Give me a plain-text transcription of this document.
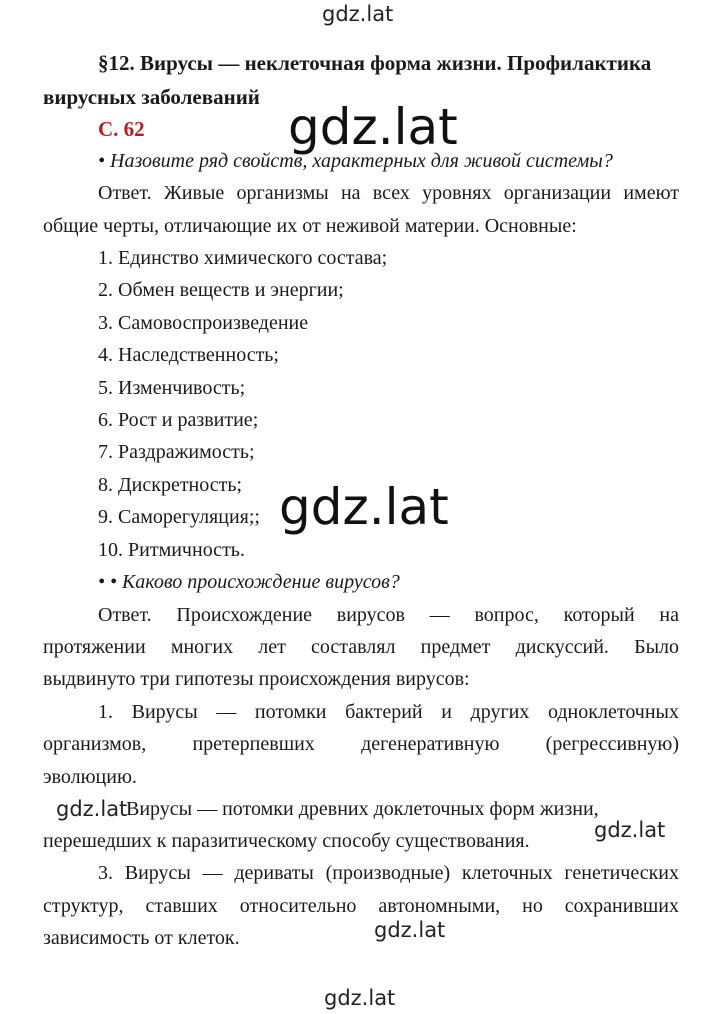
gdz.lat
§12. Вирусы — неклеточная форма жизни. Профилактика
вирусных заболеваний
С. 62	gdz.lat
• Назовите ряд свойств, характерных для живой системы?
Ответ. Живые организмы на всех уровнях организации имеют
общие черты, отличающие их от неживой материи. Основные:
1. Единство химического состава;
2. Обмен веществ и энергии;
3. Самовоспроизведение
4. Наследственность;
5. Изменчивость;
6. Рост и развитие;
7. Раздражимость;
8. Дискретность;
9. Саморегуляция;;
10. Ритмичность.
gdz.lat
• • Каково происхождение вирусов?
Ответ. Происхождение вирусов — вопрос, который на
протяжении многих лет составлял предмет дискуссий. Было
выдвинуто три гипотезы происхождения вирусов:
1. Вирусы — потомки бактерий и других одноклеточных
организмов, претерпевших дегенеративную (регрессивную)
эволюцию.
gdz.lat
Вирусы — потомки древних доклеточных форм жизни,
перешедших к паразитическому способу существования.	gdz.lat
3. Вирусы — дериваты (производные) клеточных генетических
структур, ставших относительно автономными, но сохранивших
зависимость от клеток.	gdz.lat
gdz.lat
